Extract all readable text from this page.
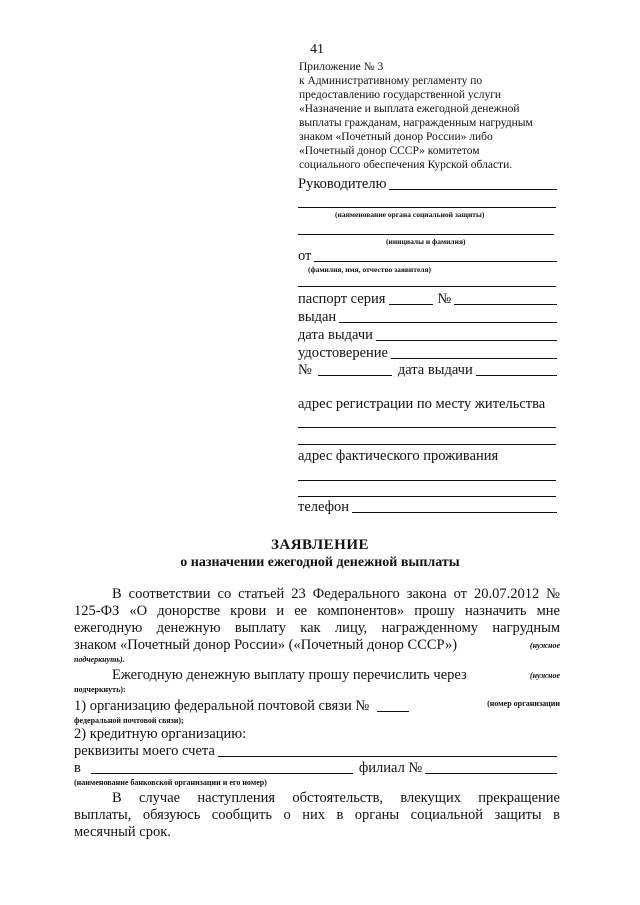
41
Приложение № 3
к Административному регламенту по
предоставлению государственной услуги
«Назначение и выплата ежегодной денежной
выплаты гражданам, награжденным нагрудным
знаком «Почетный донор России» либо
«Почетный донор СССР» комитетом
социального обеспечения Курской области.
Руководителю
(наименование органа социальной защиты)
(инициалы и фамилия)
от
(фамилия, имя, отчество заявителя)
паспорт серия	№
выдан
дата выдачи
удостоверение
№	дата выдачи
адрес регистрации по месту жительства
адрес фактического проживания
телефон
ЗАЯВЛЕНИЕ
о назначении ежегодной денежной выплаты
В соответствии со статьей 23 Федерального закона от 20.07.2012 №
125-ФЗ «О донорстве крови и ее компонентов» прошу назначить мне
ежегодную денежную выплату как лицу, награжденному нагрудным
знаком «Почетный донор России» («Почетный донор СССР»)	(нужное
подчеркнуть).
Ежегодную денежную выплату прошу перечислить через	(нужное
подчеркнуть):
1) организацию федеральной почтовой связи №	(номер организации
федеральной почтовой связи);
2) кредитную организацию:
реквизиты моего счета
в	филиал №
(наименование банковской организации и его номер)
В случае наступления обстоятельств, влекущих прекращение
выплаты, обязуюсь сообщить о них в органы социальной защиты в
месячный срок.
